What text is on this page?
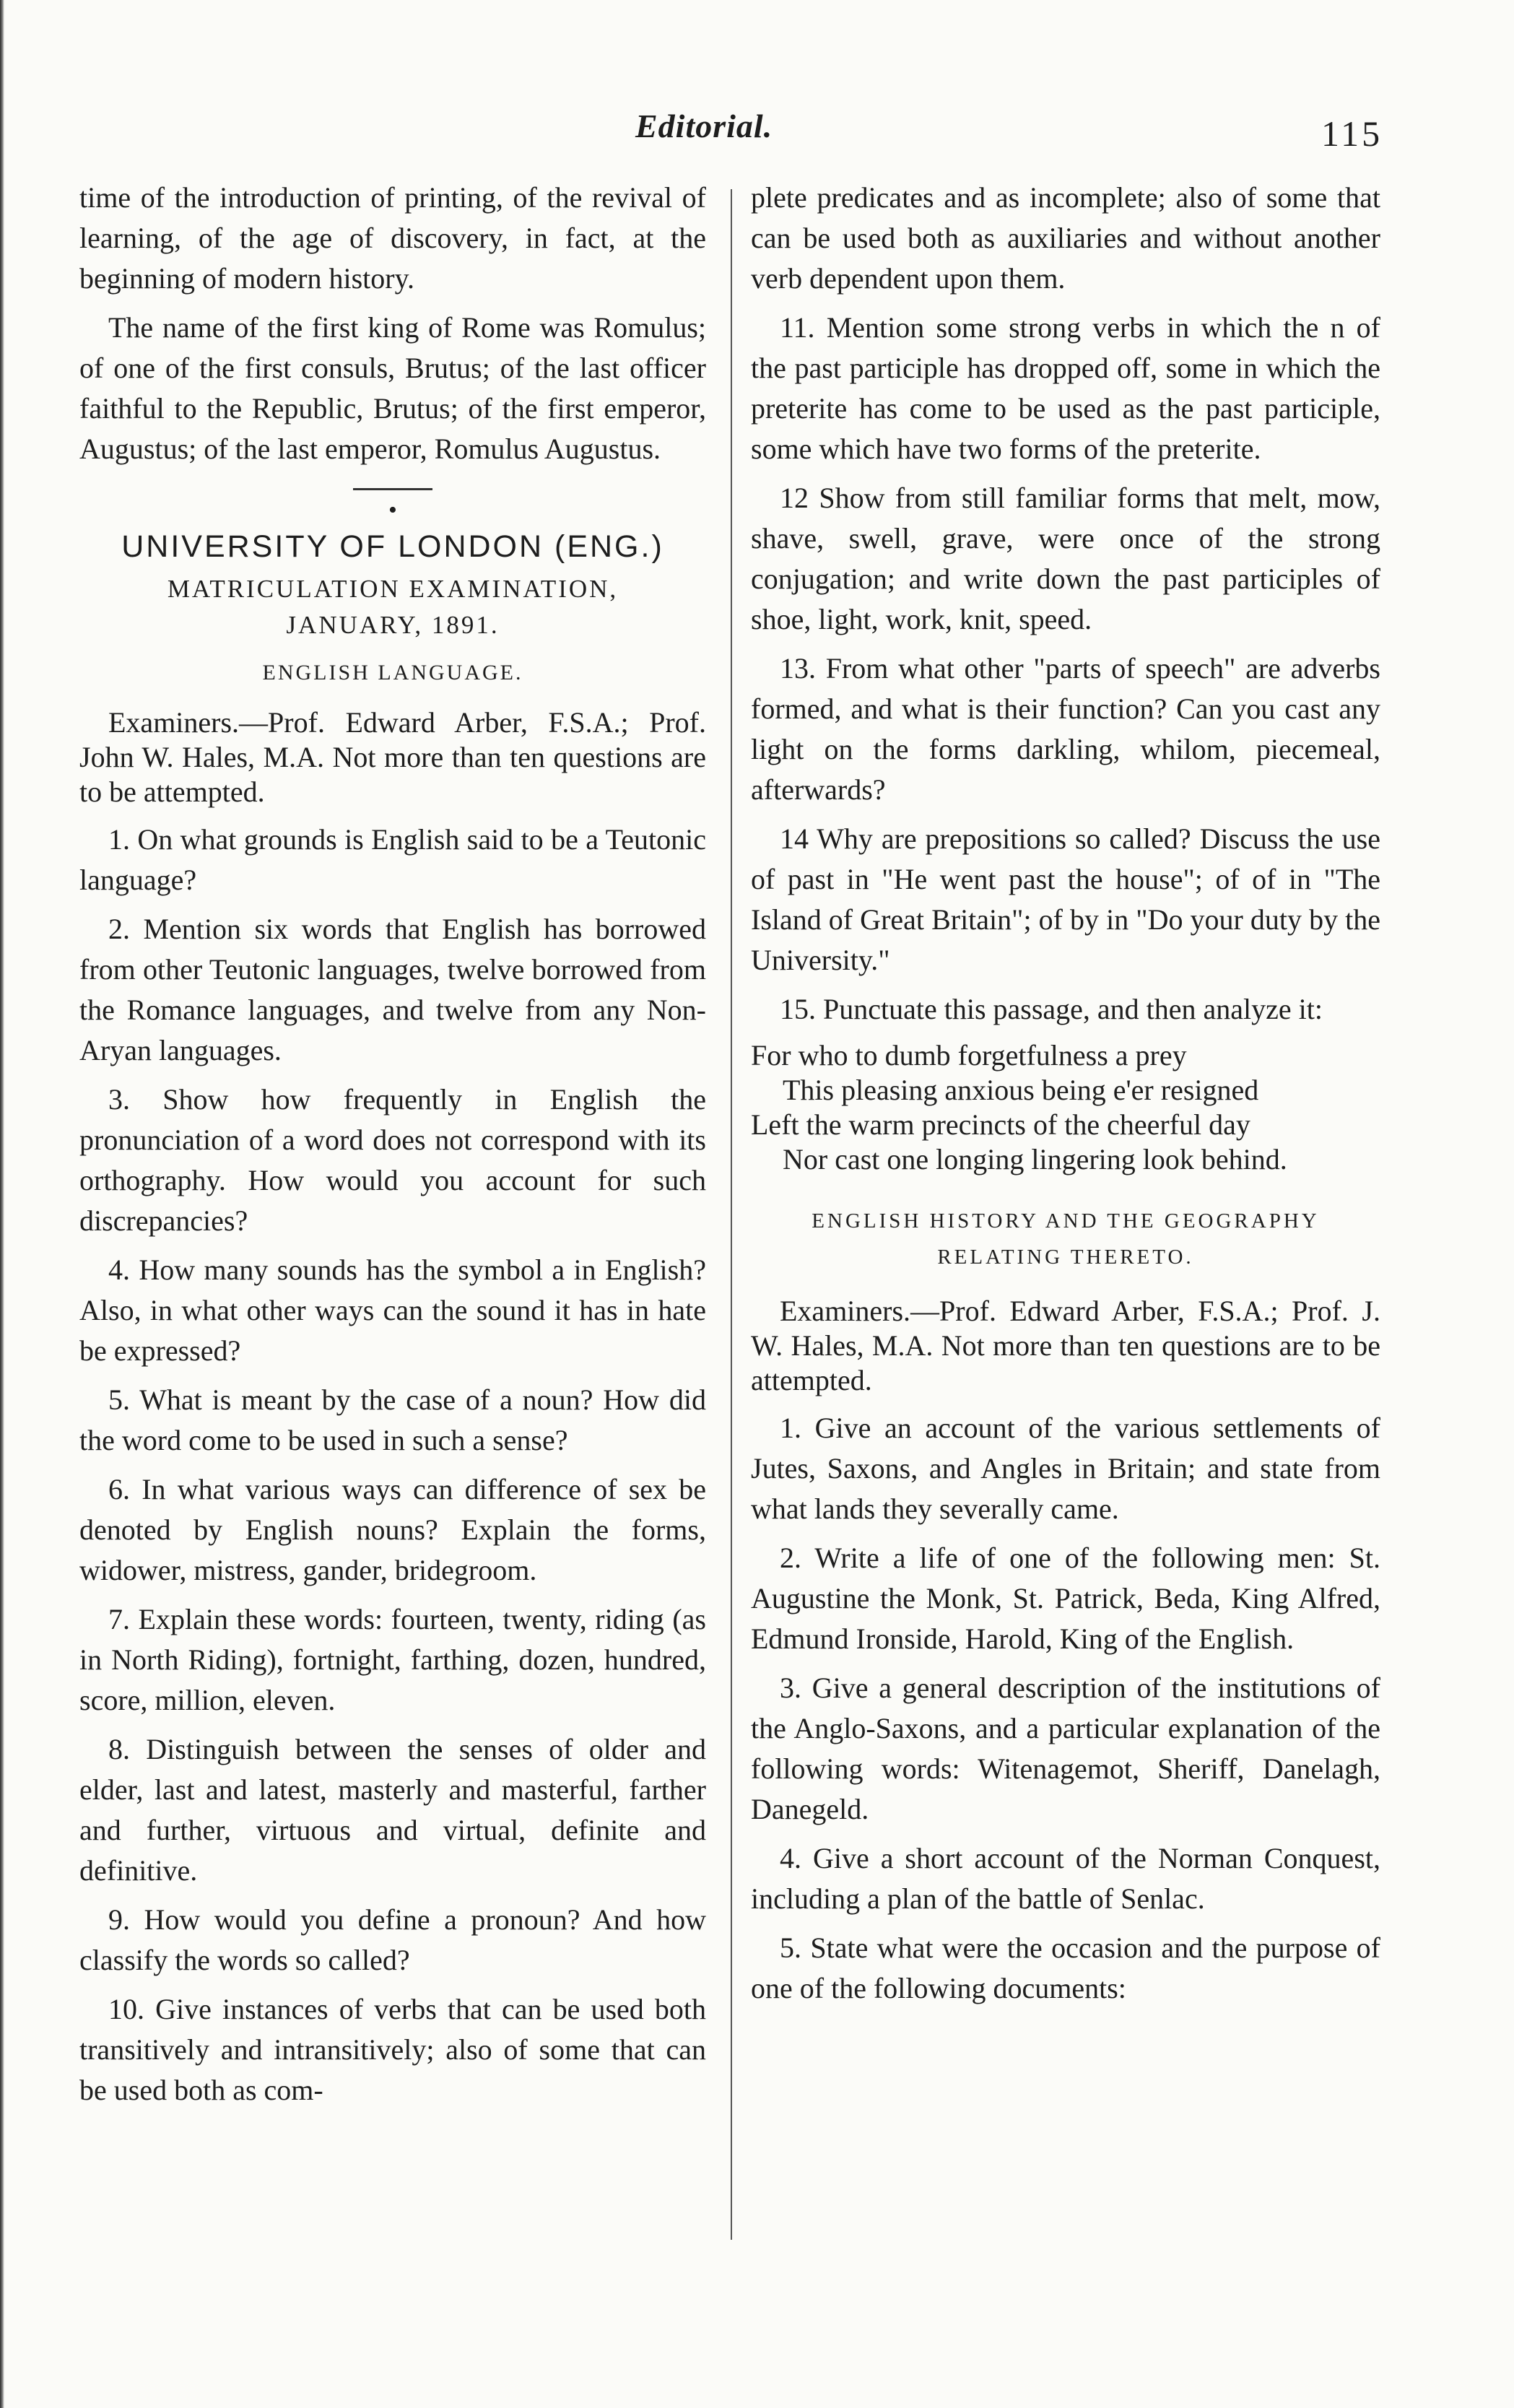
Editorial.	115

time of the introduction of printing, of the revival of learning, of the age of discovery, in fact, at the beginning of modern history.

The name of the first king of Rome was Romulus; of one of the first consuls, Brutus; of the last officer faithful to the Republic, Brutus; of the first emperor, Augustus; of the last emperor, Romulus Augustus.

•
UNIVERSITY OF LONDON (ENG.)
MATRICULATION EXAMINATION,
JANUARY, 1891.
ENGLISH LANGUAGE.

Examiners.—Prof. Edward Arber, F.S.A.; Prof. John W. Hales, M.A. Not more than ten questions are to be attempted.

1. On what grounds is English said to be a Teutonic language?

2. Mention six words that English has borrowed from other Teutonic languages, twelve borrowed from the Romance languages, and twelve from any Non-Aryan languages.

3. Show how frequently in English the pronunciation of a word does not correspond with its orthography. How would you account for such discrepancies?

4. How many sounds has the symbol a in English? Also, in what other ways can the sound it has in hate be expressed?

5. What is meant by the case of a noun? How did the word come to be used in such a sense?

6. In what various ways can difference of sex be denoted by English nouns? Explain the forms, widower, mistress, gander, bridegroom.

7. Explain these words: fourteen, twenty, riding (as in North Riding), fortnight, farthing, dozen, hundred, score, million, eleven.

8. Distinguish between the senses of older and elder, last and latest, masterly and masterful, farther and further, virtuous and virtual, definite and definitive.

9. How would you define a pronoun? And how classify the words so called?

10. Give instances of verbs that can be used both transitively and intransitively; also of some that can be used both as com-

plete predicates and as incomplete; also of some that can be used both as auxiliaries and without another verb dependent upon them.

11. Mention some strong verbs in which the n of the past participle has dropped off, some in which the preterite has come to be used as the past participle, some which have two forms of the preterite.

12 Show from still familiar forms that melt, mow, shave, swell, grave, were once of the strong conjugation; and write down the past participles of shoe, light, work, knit, speed.

13. From what other "parts of speech" are adverbs formed, and what is their function? Can you cast any light on the forms darkling, whilom, piecemeal, afterwards?

14 Why are prepositions so called? Discuss the use of past in "He went past the house"; of of in "The Island of Great Britain"; of by in "Do your duty by the University."

15. Punctuate this passage, and then analyze it:

For who to dumb forgetfulness a prey
This pleasing anxious being e'er resigned
Left the warm precincts of the cheerful day
Nor cast one longing lingering look behind.
ENGLISH HISTORY AND THE GEOGRAPHY RELATING THERETO.

Examiners.—Prof. Edward Arber, F.S.A.; Prof. J. W. Hales, M.A. Not more than ten questions are to be attempted.

1. Give an account of the various settlements of Jutes, Saxons, and Angles in Britain; and state from what lands they severally came.

2. Write a life of one of the following men: St. Augustine the Monk, St. Patrick, Beda, King Alfred, Edmund Ironside, Harold, King of the English.

3. Give a general description of the institutions of the Anglo-Saxons, and a particular explanation of the following words: Witenagemot, Sheriff, Danelagh, Danegeld.

4. Give a short account of the Norman Conquest, including a plan of the battle of Senlac.

5. State what were the occasion and the purpose of one of the following documents:
